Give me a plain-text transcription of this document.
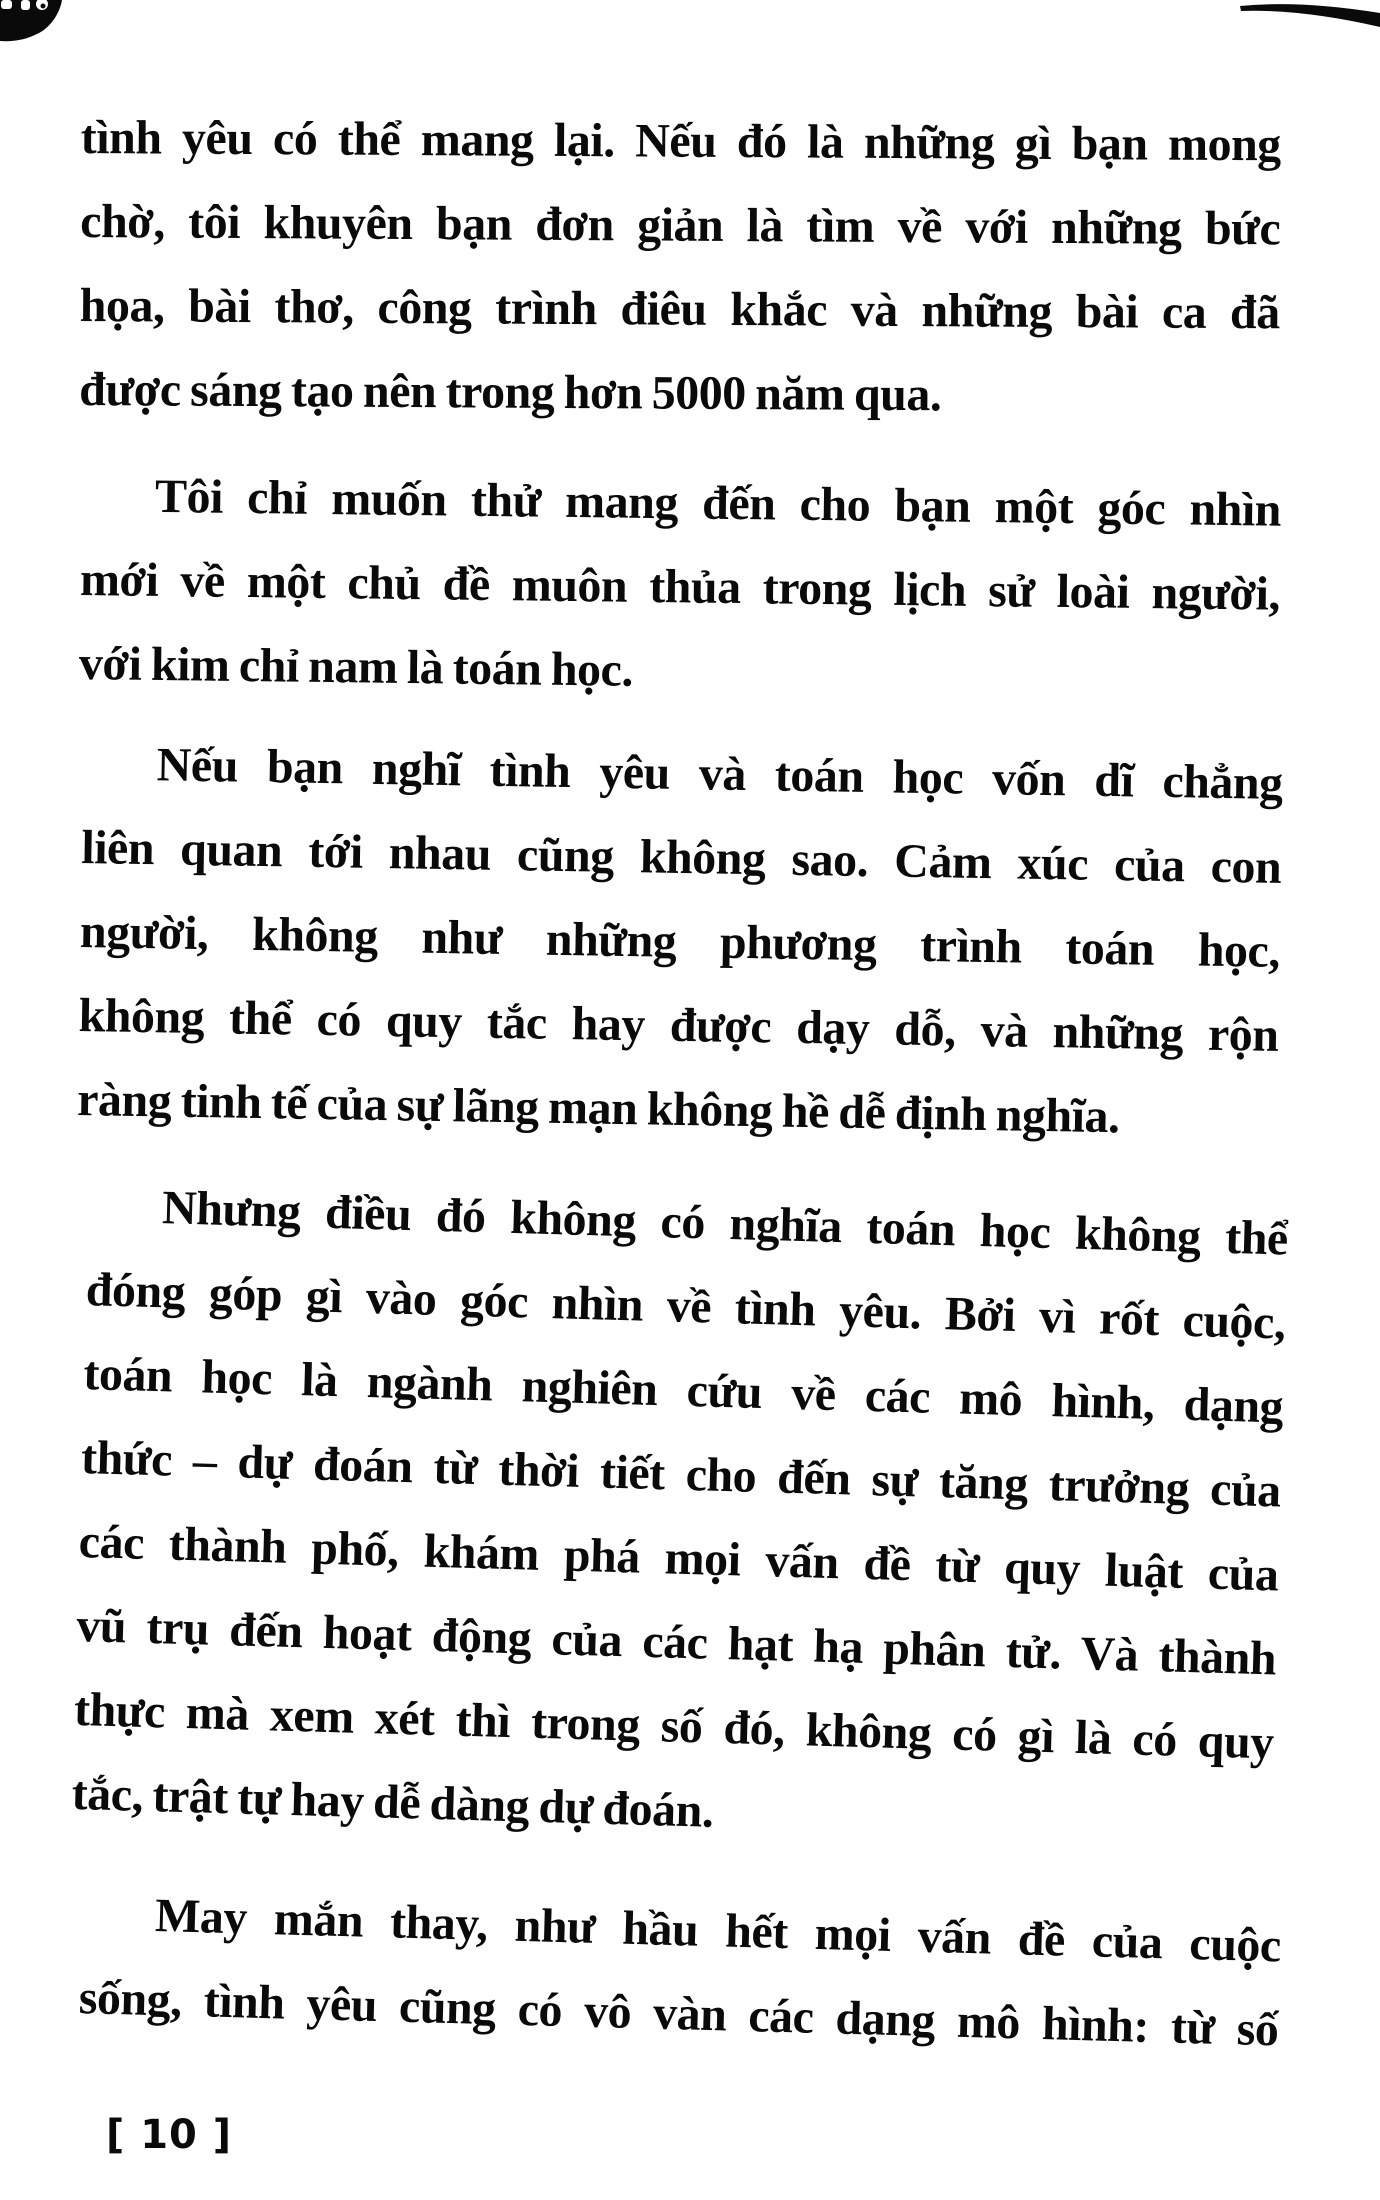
tình yêu có thể mang lại. Nếu đó là những gì bạn mong
chờ, tôi khuyên bạn đơn giản là tìm về với những bức
họa, bài thơ, công trình điêu khắc và những bài ca đã
được sáng tạo nên trong hơn 5000 năm qua.

Tôi chỉ muốn thử mang đến cho bạn một góc nhìn
mới về một chủ đề muôn thủa trong lịch sử loài người,
với kim chỉ nam là toán học.

Nếu bạn nghĩ tình yêu và toán học vốn dĩ chẳng
liên quan tới nhau cũng không sao. Cảm xúc của con
người, không như những phương trình toán học,
không thể có quy tắc hay được dạy dỗ, và những rộn
ràng tinh tế của sự lãng mạn không hề dễ định nghĩa.

Nhưng điều đó không có nghĩa toán học không thể
đóng góp gì vào góc nhìn về tình yêu. Bởi vì rốt cuộc,
toán học là ngành nghiên cứu về các mô hình, dạng
thức – dự đoán từ thời tiết cho đến sự tăng trưởng của
các thành phố, khám phá mọi vấn đề từ quy luật của
vũ trụ đến hoạt động của các hạt hạ phân tử. Và thành
thực mà xem xét thì trong số đó, không có gì là có quy
tắc, trật tự hay dễ dàng dự đoán.

May mắn thay, như hầu hết mọi vấn đề của cuộc
sống, tình yêu cũng có vô vàn các dạng mô hình: từ số

[ 10 ]
